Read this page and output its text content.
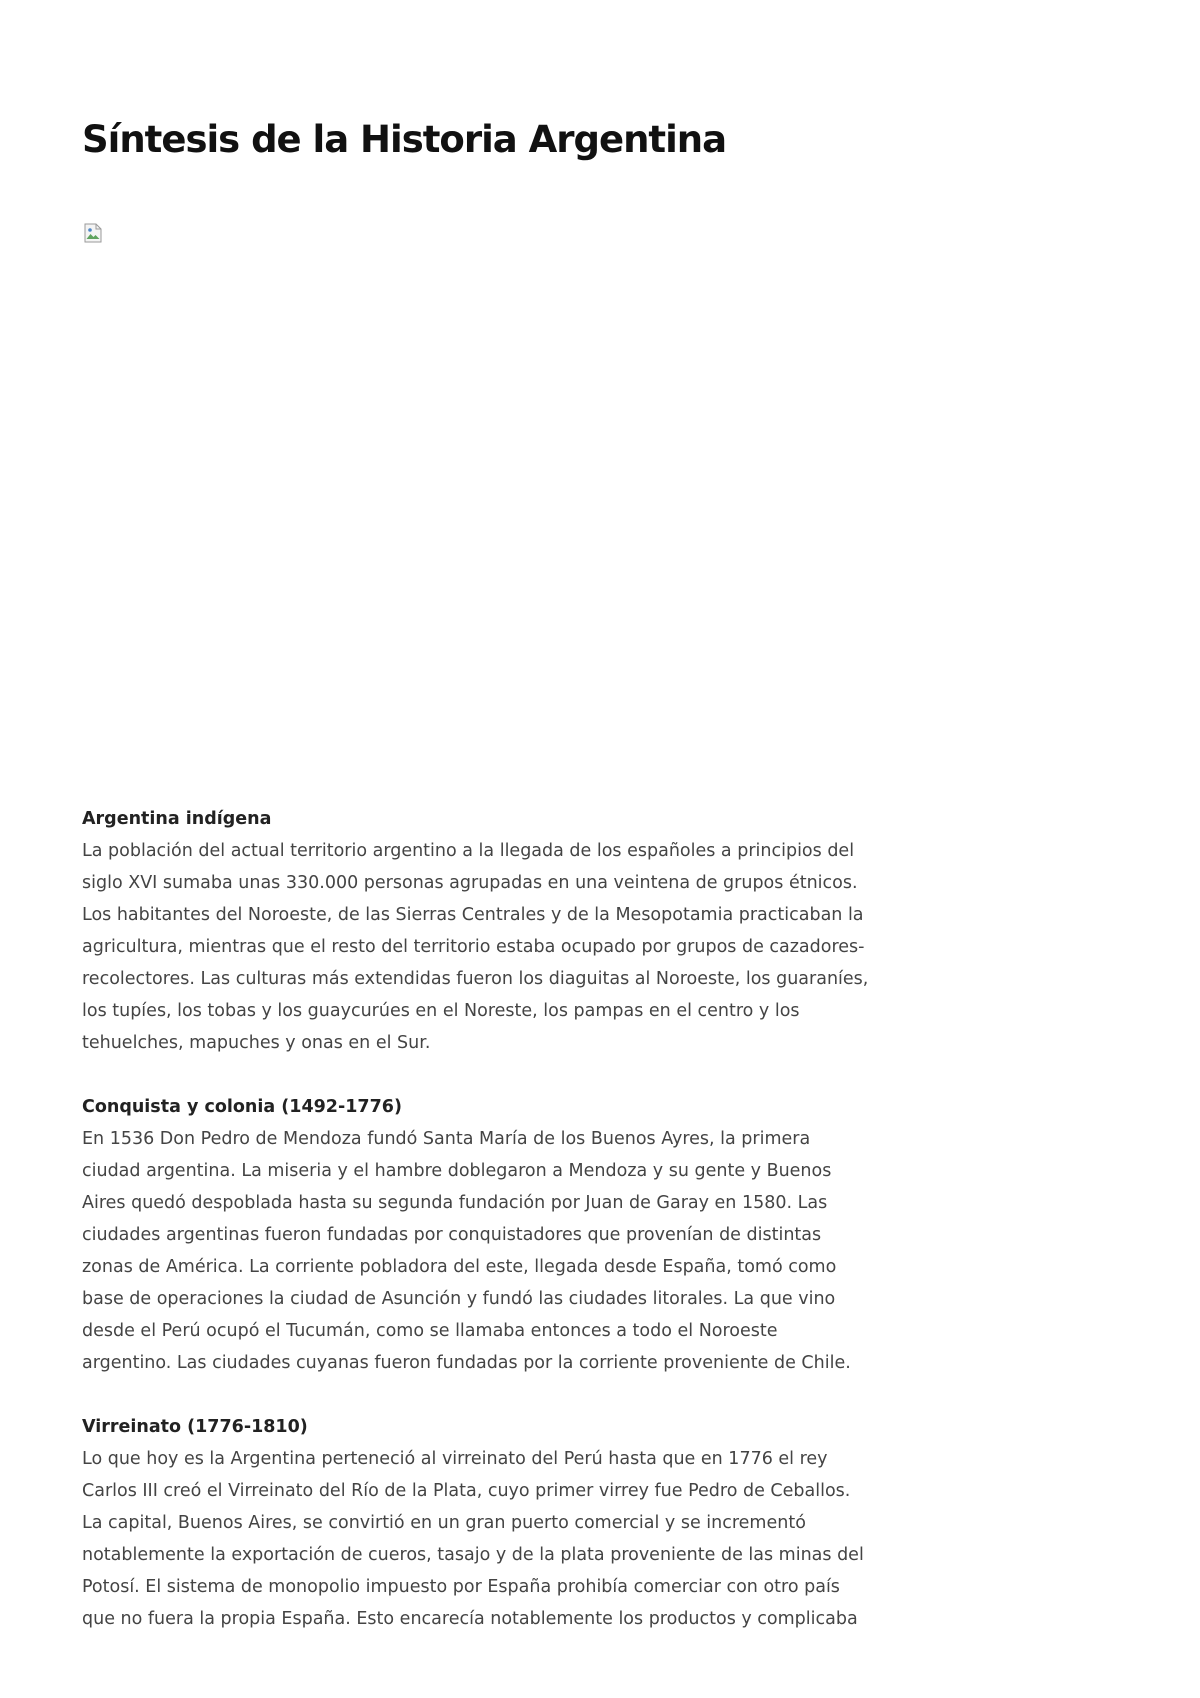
Síntesis de la Historia Argentina
Argentina indígena

La población del actual territorio argentino a la llegada de los españoles a principios del
siglo XVI sumaba unas 330.000 personas agrupadas en una veintena de grupos étnicos.
Los habitantes del Noroeste, de las Sierras Centrales y de la Mesopotamia practicaban la
agricultura, mientras que el resto del territorio estaba ocupado por grupos de cazadores-
recolectores. Las culturas más extendidas fueron los diaguitas al Noroeste, los guaraníes,
los tupíes, los tobas y los guaycurúes en el Noreste, los pampas en el centro y los
tehuelches, mapuches y onas en el Sur.

Conquista y colonia (1492-1776)

En 1536 Don Pedro de Mendoza fundó Santa María de los Buenos Ayres, la primera
ciudad argentina. La miseria y el hambre doblegaron a Mendoza y su gente y Buenos
Aires quedó despoblada hasta su segunda fundación por Juan de Garay en 1580. Las
ciudades argentinas fueron fundadas por conquistadores que provenían de distintas
zonas de América. La corriente pobladora del este, llegada desde España, tomó como
base de operaciones la ciudad de Asunción y fundó las ciudades litorales. La que vino
desde el Perú ocupó el Tucumán, como se llamaba entonces a todo el Noroeste
argentino. Las ciudades cuyanas fueron fundadas por la corriente proveniente de Chile.

Virreinato (1776-1810)

Lo que hoy es la Argentina perteneció al virreinato del Perú hasta que en 1776 el rey
Carlos III creó el Virreinato del Río de la Plata, cuyo primer virrey fue Pedro de Ceballos.
La capital, Buenos Aires, se convirtió en un gran puerto comercial y se incrementó
notablemente la exportación de cueros, tasajo y de la plata proveniente de las minas del
Potosí. El sistema de monopolio impuesto por España prohibía comerciar con otro país
que no fuera la propia España. Esto encarecía notablemente los productos y complicaba
